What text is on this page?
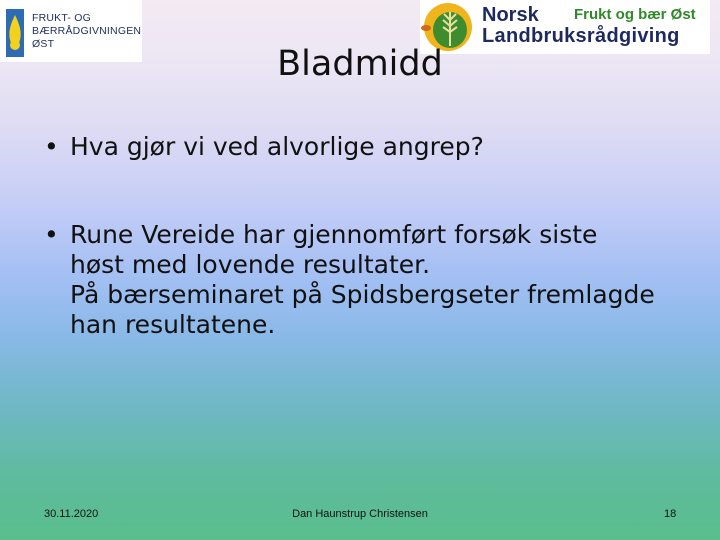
FRUKT- OG
BÆRRÅDGIVNINGEN
ØST
Norsk Frukt og bær Øst
Landbruksrådgiving
Bladmidd
• Hva gjør vi ved alvorlige angrep?
• Rune Vereide har gjennomført forsøk siste
høst med lovende resultater.
På bærseminaret på Spidsbergseter fremlagde
han resultatene.
30.11.2020	Dan Haunstrup Christensen	18
